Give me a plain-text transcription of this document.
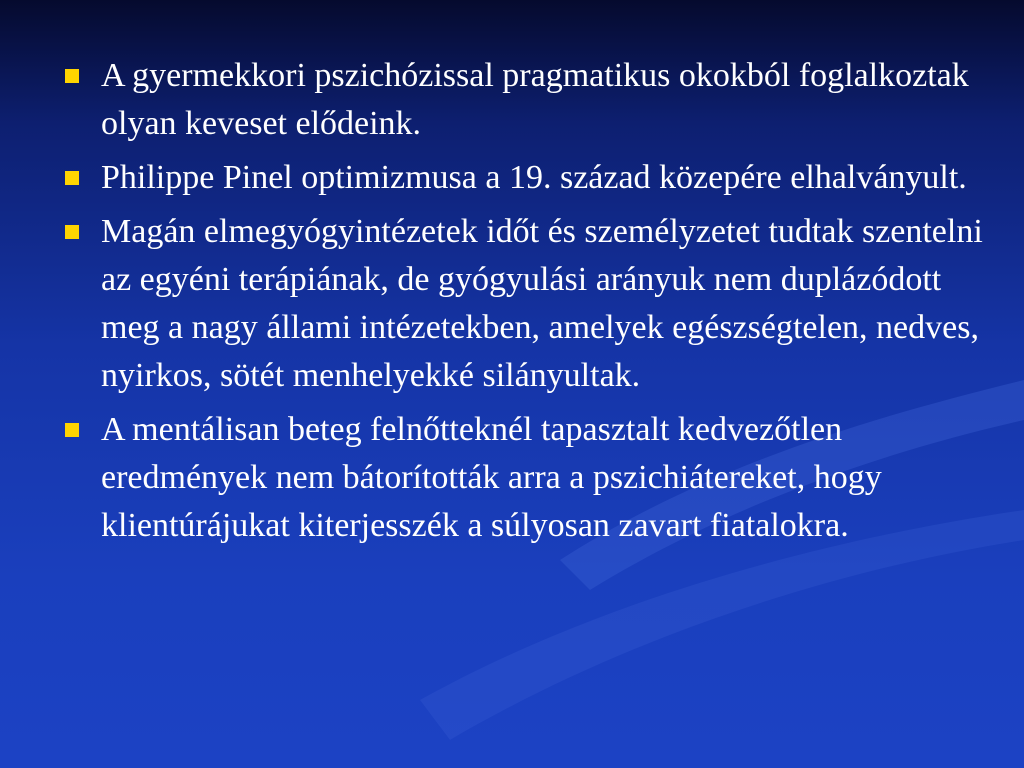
A gyermekkori pszichózissal pragmatikus okokból foglalkoztak olyan keveset elődeink.
Philippe Pinel optimizmusa a 19. század közepére elhalványult.
Magán elmegyógyintézetek időt és személyzetet tudtak szentelni az egyéni terápiának, de gyógyulási arányuk nem duplázódott meg a nagy állami intézetekben, amelyek egészségtelen, nedves, nyirkos, sötét menhelyekké silányultak.
A mentálisan beteg felnőtteknél tapasztalt kedvezőtlen eredmények nem bátorították arra a pszichiátereket, hogy klientúrájukat kiterjesszék a súlyosan zavart fiatalokra.
